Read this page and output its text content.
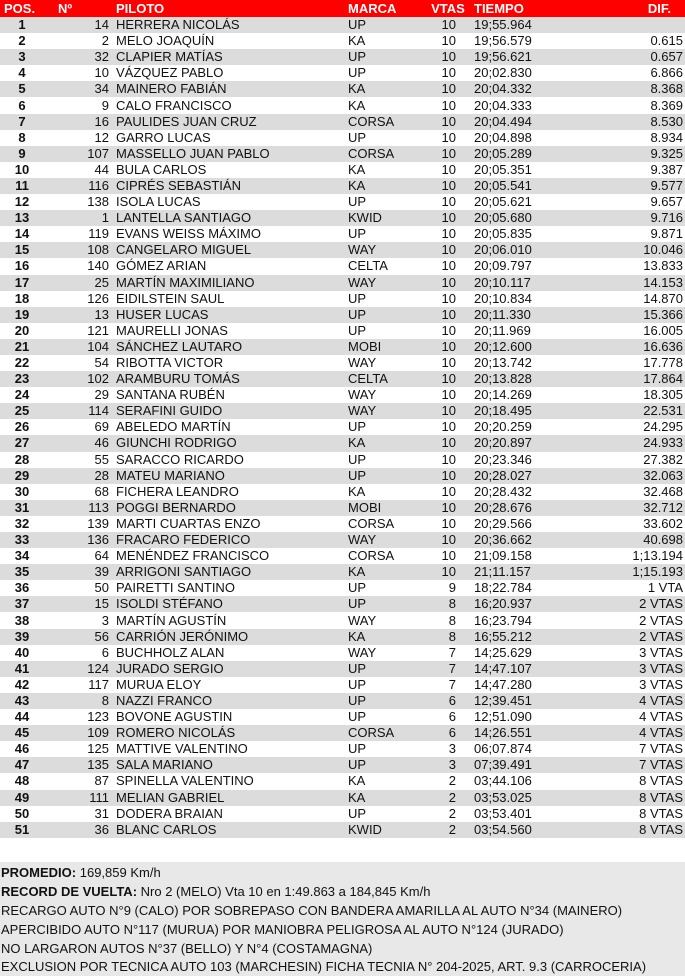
POS.	Nº	PILOTO	MARCA	VTAS	TIEMPO	DIF.
1	14	HERRERA NICOLÁS	UP	10	19;55.964	
2	2	MELO JOAQUÍN	KA	10	19;56.579	0.615
3	32	CLAPIER MATÍAS	UP	10	19;56.621	0.657
4	10	VÁZQUEZ PABLO	UP	10	20;02.830	6.866
5	34	MAINERO FABIÁN	KA	10	20;04.332	8.368
6	9	CALO FRANCISCO	KA	10	20;04.333	8.369
7	16	PAULIDES JUAN CRUZ	CORSA	10	20;04.494	8.530
8	12	GARRO LUCAS	UP	10	20;04.898	8.934
9	107	MASSELLO JUAN PABLO	CORSA	10	20;05.289	9.325
10	44	BULA CARLOS	KA	10	20;05.351	9.387
11	116	CIPRÉS SEBASTIÁN	KA	10	20;05.541	9.577
12	138	ISOLA LUCAS	UP	10	20;05.621	9.657
13	1	LANTELLA SANTIAGO	KWID	10	20;05.680	9.716
14	119	EVANS WEISS MÁXIMO	UP	10	20;05.835	9.871
15	108	CANGELARO MIGUEL	WAY	10	20;06.010	10.046
16	140	GÓMEZ ARIAN	CELTA	10	20;09.797	13.833
17	25	MARTÍN MAXIMILIANO	WAY	10	20;10.117	14.153
18	126	EIDILSTEIN SAUL	UP	10	20;10.834	14.870
19	13	HUSER LUCAS	UP	10	20;11.330	15.366
20	121	MAURELLI JONAS	UP	10	20;11.969	16.005
21	104	SÁNCHEZ LAUTARO	MOBI	10	20;12.600	16.636
22	54	RIBOTTA VICTOR	WAY	10	20;13.742	17.778
23	102	ARAMBURU TOMÁS	CELTA	10	20;13.828	17.864
24	29	SANTANA RUBÉN	WAY	10	20;14.269	18.305
25	114	SERAFINI GUIDO	WAY	10	20;18.495	22.531
26	69	ABELEDO MARTÍN	UP	10	20;20.259	24.295
27	46	GIUNCHI RODRIGO	KA	10	20;20.897	24.933
28	55	SARACCO RICARDO	UP	10	20;23.346	27.382
29	28	MATEU MARIANO	UP	10	20;28.027	32.063
30	68	FICHERA LEANDRO	KA	10	20;28.432	32.468
31	113	POGGI BERNARDO	MOBI	10	20;28.676	32.712
32	139	MARTI CUARTAS ENZO	CORSA	10	20;29.566	33.602
33	136	FRACARO FEDERICO	WAY	10	20;36.662	40.698
34	64	MENÉNDEZ FRANCISCO	CORSA	10	21;09.158	1;13.194
35	39	ARRIGONI SANTIAGO	KA	10	21;11.157	1;15.193
36	50	PAIRETTI SANTINO	UP	9	18;22.784	1 VTA
37	15	ISOLDI STÉFANO	UP	8	16;20.937	2 VTAS
38	3	MARTÍN AGUSTÍN	WAY	8	16;23.794	2 VTAS
39	56	CARRIÓN JERÓNIMO	KA	8	16;55.212	2 VTAS
40	6	BUCHHOLZ ALAN	WAY	7	14;25.629	3 VTAS
41	124	JURADO SERGIO	UP	7	14;47.107	3 VTAS
42	117	MURUA ELOY	UP	7	14;47.280	3 VTAS
43	8	NAZZI FRANCO	UP	6	12;39.451	4 VTAS
44	123	BOVONE AGUSTIN	UP	6	12;51.090	4 VTAS
45	109	ROMERO NICOLÁS	CORSA	6	14;26.551	4 VTAS
46	125	MATTIVE VALENTINO	UP	3	06;07.874	7 VTAS
47	135	SALA MARIANO	UP	3	07;39.491	7 VTAS
48	87	SPINELLA VALENTINO	KA	2	03;44.106	8 VTAS
49	111	MELIAN GABRIEL	KA	2	03;53.025	8 VTAS
50	31	DODERA BRAIAN	UP	2	03;53.401	8 VTAS
51	36	BLANC CARLOS	KWID	2	03;54.560	8 VTAS
PROMEDIO: 169,859 Km/h
RECORD DE VUELTA: Nro 2 (MELO) Vta 10 en 1:49.863 a 184,845 Km/h
RECARGO AUTO N°9 (CALO) POR SOBREPASO CON BANDERA AMARILLA AL AUTO N°34 (MAINERO)
APERCIBIDO AUTO N°117 (MURUA) POR MANIOBRA PELIGROSA AL AUTO N°124 (JURADO)
NO LARGARON AUTOS N°37 (BELLO) Y N°4 (COSTAMAGNA)
EXCLUSION POR TECNICA AUTO 103 (MARCHESIN) FICHA TECNIA N° 204-2025, ART. 9.3 (CARROCERIA)
